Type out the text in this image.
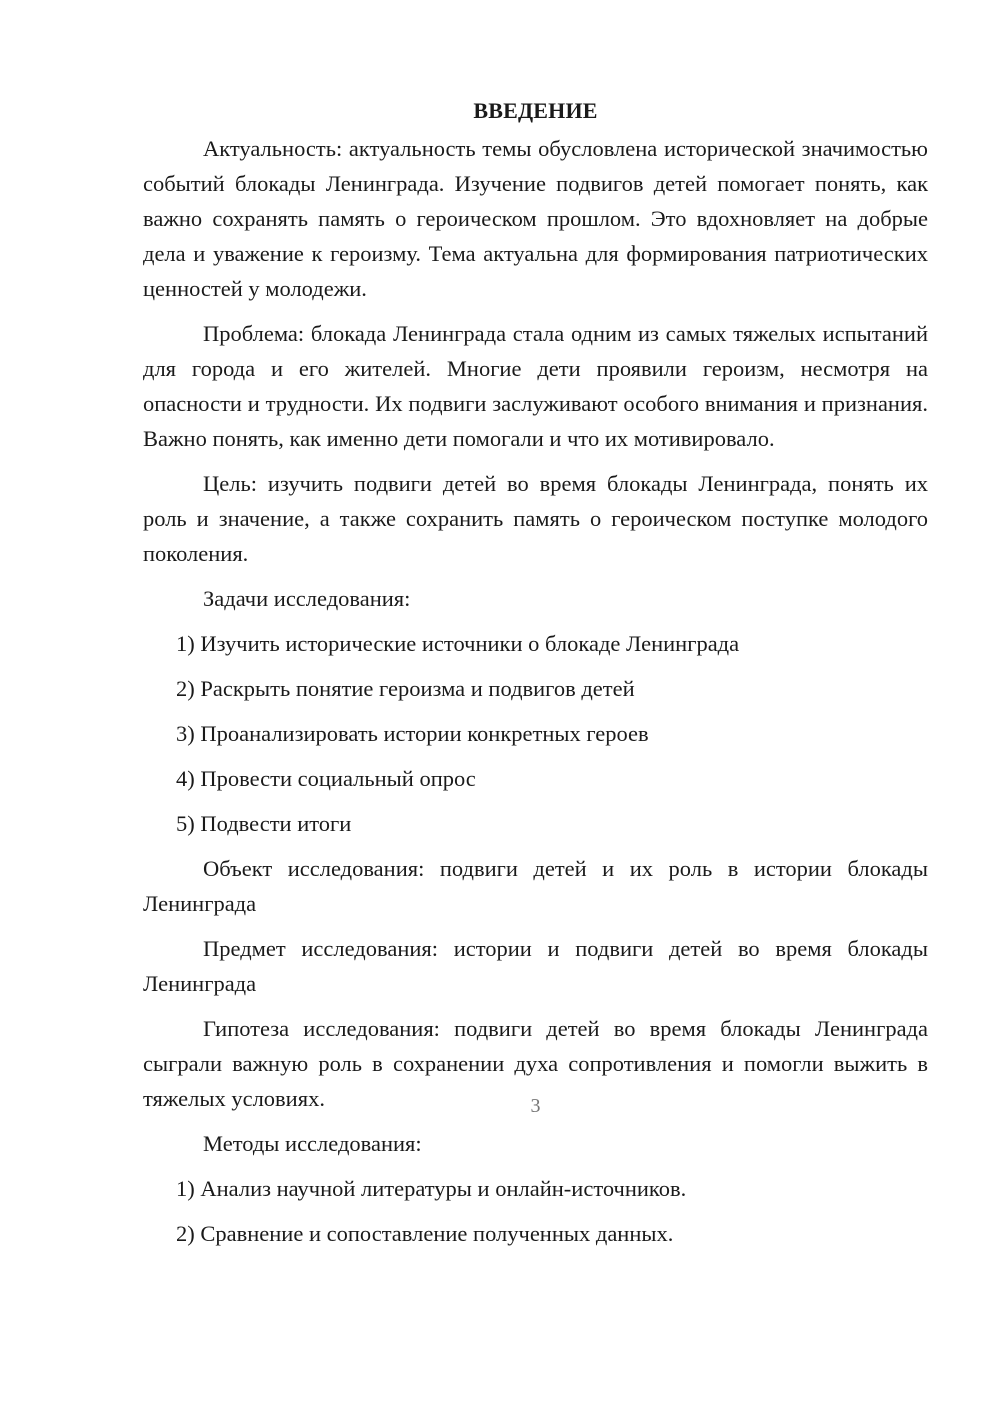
ВВЕДЕНИЕ

Актуальность: актуальность темы обусловлена исторической значимостью событий блокады Ленинграда. Изучение подвигов детей помогает понять, как важно сохранять память о героическом прошлом. Это вдохновляет на добрые дела и уважение к героизму. Тема актуальна для формирования патриотических ценностей у молодежи.

Проблема: блокада Ленинграда стала одним из самых тяжелых испытаний для города и его жителей. Многие дети проявили героизм, несмотря на опасности и трудности. Их подвиги заслуживают особого внимания и признания. Важно понять, как именно дети помогали и что их мотивировало.

Цель: изучить подвиги детей во время блокады Ленинграда, понять их роль и значение, а также сохранить память о героическом поступке молодого поколения.

Задачи исследования:

1) Изучить исторические источники о блокаде Ленинграда
2) Раскрыть понятие героизма и подвигов детей
3) Проанализировать истории конкретных героев
4) Провести социальный опрос
5) Подвести итоги

Объект исследования: подвиги детей и их роль в истории блокады Ленинграда

Предмет исследования: истории и подвиги детей во время блокады Ленинграда

Гипотеза исследования: подвиги детей во время блокады Ленинграда сыграли важную роль в сохранении духа сопротивления и помогли выжить в тяжелых условиях.

Методы исследования:

1) Анализ научной литературы и онлайн-источников.
2) Сравнение и сопоставление полученных данных.
3
